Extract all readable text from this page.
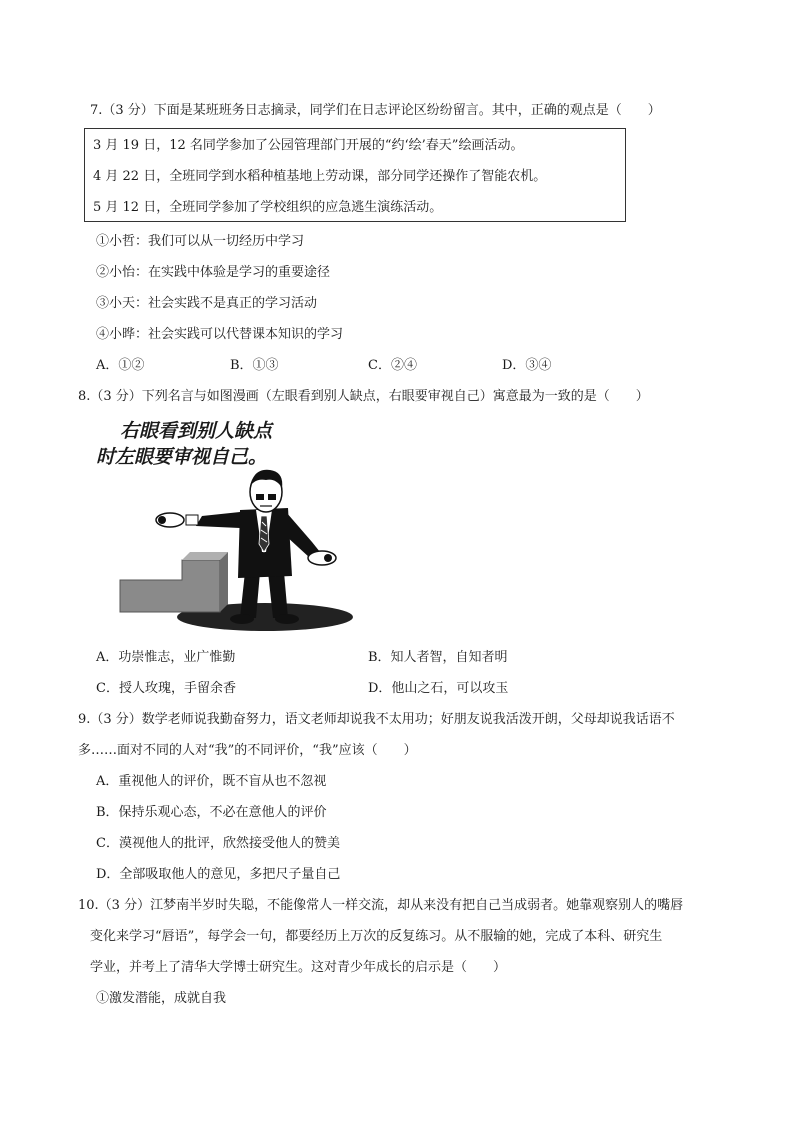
7.（3 分）下面是某班班务日志摘录，同学们在日志评论区纷纷留言。其中，正确的观点是（　　）
3 月 19 日，12 名同学参加了公园管理部门开展的“约‘绘’春天”绘画活动。
4 月 22 日，全班同学到水稻种植基地上劳动课，部分同学还操作了智能农机。
5 月 12 日，全班同学参加了学校组织的应急逃生演练活动。
①小哲：我们可以从一切经历中学习
②小怡：在实践中体验是学习的重要途径
③小天：社会实践不是真正的学习活动
④小晔：社会实践可以代替课本知识的学习
A．①②	B．①③	C．②④	D．③④
8.（3 分）下列名言与如图漫画（左眼看到别人缺点，右眼要审视自己）寓意最为一致的是（　　）
右眼看到别人缺点
时左眼要审视自己。
A．功崇惟志，业广惟勤	B．知人者智，自知者明
C．授人玫瑰，手留余香	D．他山之石，可以攻玉
9.（3 分）数学老师说我勤奋努力，语文老师却说我不太用功；好朋友说我活泼开朗，父母却说我话语不
多……面对不同的人对“我”的不同评价，“我”应该（　　）
A．重视他人的评价，既不盲从也不忽视
B．保持乐观心态，不必在意他人的评价
C．漠视他人的批评，欣然接受他人的赞美
D．全部吸取他人的意见，多把尺子量自己
10.（3 分）江梦南半岁时失聪，不能像常人一样交流，却从来没有把自己当成弱者。她靠观察别人的嘴唇
变化来学习“唇语”，每学会一句，都要经历上万次的反复练习。从不服输的她，完成了本科、研究生
学业，并考上了清华大学博士研究生。这对青少年成长的启示是（　　）
①激发潜能，成就自我
